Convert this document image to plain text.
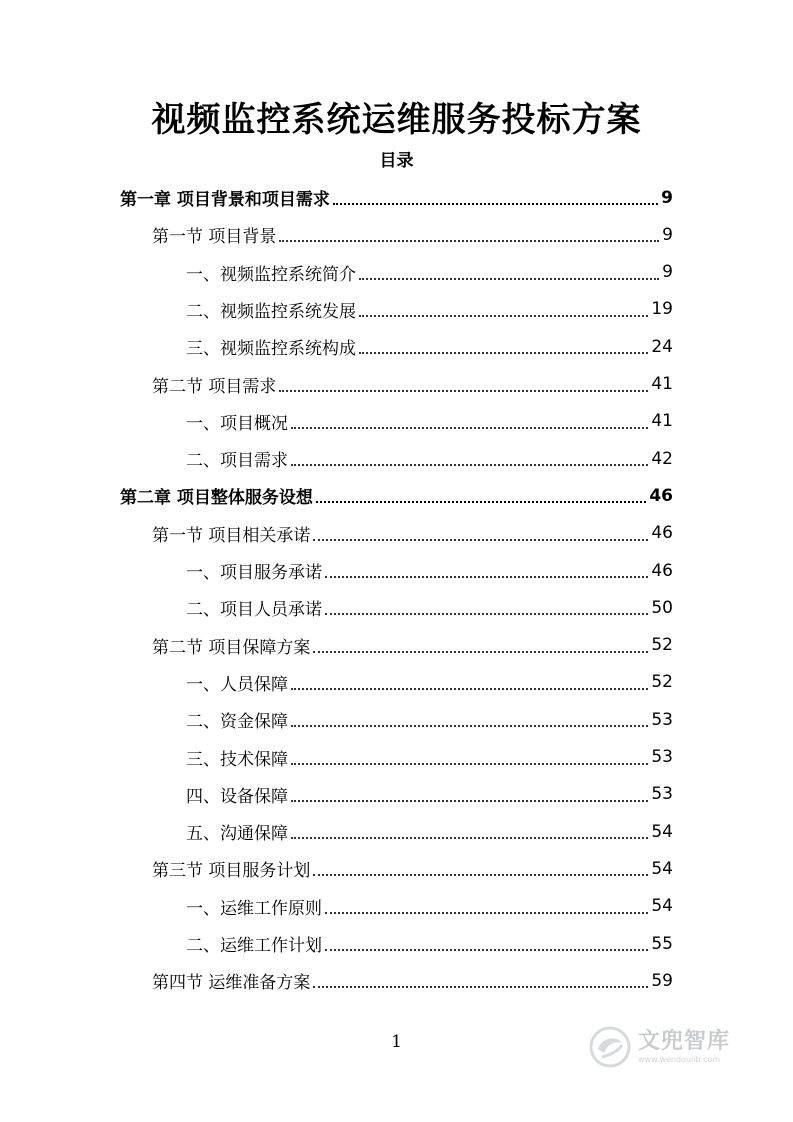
视频监控系统运维服务投标方案
目录
第一章 项目背景和项目需求	9
第一节 项目背景	9
一、视频监控系统简介	9
二、视频监控系统发展	19
三、视频监控系统构成	24
第二节 项目需求	41
一、项目概况	41
二、项目需求	42
第二章 项目整体服务设想	46
第一节 项目相关承诺	46
一、项目服务承诺	46
二、项目人员承诺	50
第二节 项目保障方案	52
一、人员保障	52
二、资金保障	53
三、技术保障	53
四、设备保障	53
五、沟通保障	54
第三节 项目服务计划	54
一、运维工作原则	54
二、运维工作计划	55
第四节 运维准备方案	59
1	文兜智库
www.wendoulib.com
